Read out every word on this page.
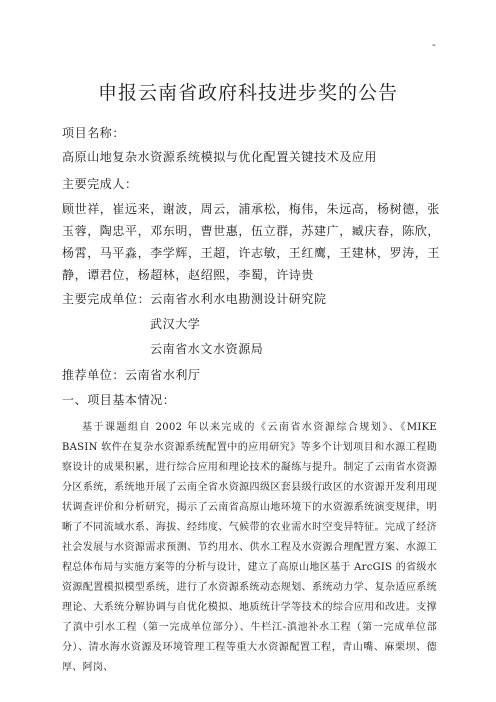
-
申报云南省政府科技进步奖的公告
项目名称：
高原山地复杂水资源系统模拟与优化配置关键技术及应用
主要完成人：
顾世祥，崔远来，谢波，周云，浦承松，梅伟，朱远高，杨树德，张玉蓉，陶忠平，邓东明，曹世惠，伍立群，苏建广，臧庆春，陈欣，杨霄，马平淼，李学辉，王超，许志敏，王红鹰，王建林，罗涛，王静，谭君位，杨超林，赵绍熙，李蜀，许诗贵
主要完成单位：云南省水利水电勘测设计研究院
武汉大学
云南省水文水资源局
推荐单位：云南省水利厅
一、项目基本情况：
基于课题组自 2002 年以来完成的《云南省水资源综合规划》、《MIKE BASIN 软件在复杂水资源系统配置中的应用研究》等多个计划项目和水源工程勘察设计的成果积累，进行综合应用和理论技术的凝练与提升。制定了云南省水资源分区系统，系统地开展了云南全省水资源四级区套县级行政区的水资源开发利用现状调查评价和分析研究，揭示了云南省高原山地环境下的水资源系统演变规律，明晰了不同流域水系、海拔、经纬度、气候带的农业需水时空变异特征。完成了经济社会发展与水资源需求预测、节约用水、供水工程及水资源合理配置方案、水源工程总体布局与实施方案等的分析与设计，建立了高原山地区基于 ArcGIS 的省级水资源配置模拟模型系统，进行了水资源系统动态规划、系统动力学、复杂适应系统理论、大系统分解协调与自优化模拟、地质统计学等技术的综合应用和改进。支撑了滇中引水工程（第一完成单位部分）、牛栏江-滇池补水工程（第一完成单位部分）、清水海水资源及环境管理工程等重大水资源配置工程，青山嘴、麻栗坝、德厚、阿岗、
